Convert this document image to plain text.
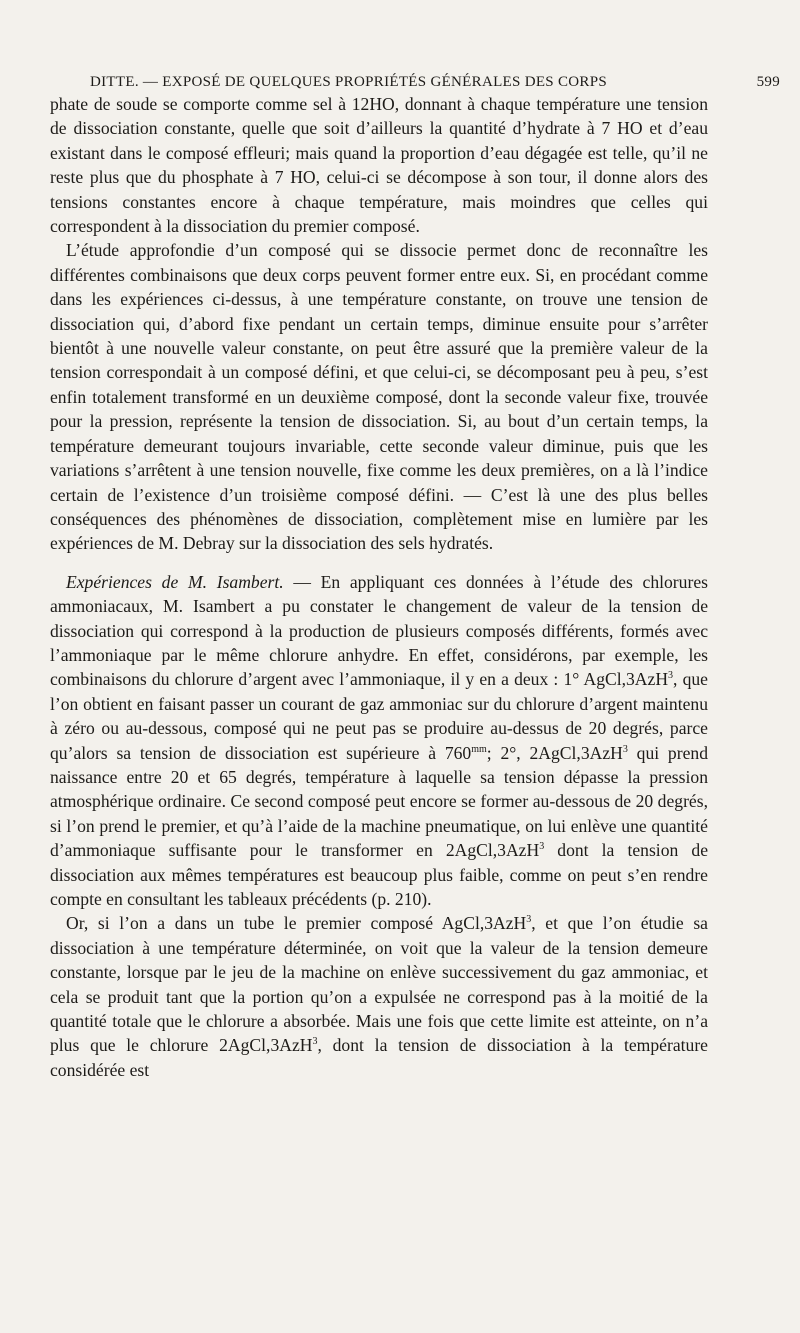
DITTE. — EXPOSÉ DE QUELQUES PROPRIÉTÉS GÉNÉRALES DES CORPS	599

phate de soude se comporte comme sel à 12HO, donnant à chaque température une tension de dissociation constante, quelle que soit d’ailleurs la quantité d’hydrate à 7 HO et d’eau existant dans le composé effleuri; mais quand la proportion d’eau dégagée est telle, qu’il ne reste plus que du phosphate à 7 HO, celui-ci se décompose à son tour, il donne alors des tensions constantes encore à chaque température, mais moindres que celles qui correspondent à la dissociation du premier composé.

L’étude approfondie d’un composé qui se dissocie permet donc de reconnaître les différentes combinaisons que deux corps peuvent former entre eux. Si, en procédant comme dans les expériences ci-dessus, à une température constante, on trouve une tension de dissociation qui, d’abord fixe pendant un certain temps, diminue ensuite pour s’arrêter bientôt à une nouvelle valeur constante, on peut être assuré que la première valeur de la tension correspondait à un composé défini, et que celui-ci, se décomposant peu à peu, s’est enfin totalement transformé en un deuxième composé, dont la seconde valeur fixe, trouvée pour la pression, représente la tension de dissociation. Si, au bout d’un certain temps, la température demeurant toujours invariable, cette seconde valeur diminue, puis que les variations s’arrêtent à une tension nouvelle, fixe comme les deux premières, on a là l’indice certain de l’existence d’un troisième composé défini. — C’est là une des plus belles conséquences des phénomènes de dissociation, complètement mise en lumière par les expériences de M. Debray sur la dissociation des sels hydratés.

Expériences de M. Isambert. — En appliquant ces données à l’étude des chlorures ammoniacaux, M. Isambert a pu constater le changement de valeur de la tension de dissociation qui correspond à la production de plusieurs composés différents, formés avec l’ammoniaque par le même chlorure anhydre. En effet, considérons, par exemple, les combinaisons du chlorure d’argent avec l’ammoniaque, il y en a deux : 1° AgCl,3AzH$^3$, que l’on obtient en faisant passer un courant de gaz ammoniac sur du chlorure d’argent maintenu à zéro ou au-dessous, composé qui ne peut pas se produire au-dessus de 20 degrés, parce qu’alors sa tension de dissociation est supérieure à $760^{mm}$; 2°, 2AgCl,3AzH$^3$ qui prend naissance entre 20 et 65 degrés, température à laquelle sa tension dépasse la pression atmosphérique ordinaire. Ce second composé peut encore se former au-dessous de 20 degrés, si l’on prend le premier, et qu’à l’aide de la machine pneumatique, on lui enlève une quantité d’ammoniaque suffisante pour le transformer en 2AgCl,3AzH$^3$ dont la tension de dissociation aux mêmes températures est beaucoup plus faible, comme on peut s’en rendre compte en consultant les tableaux précédents (p. 210).

Or, si l’on a dans un tube le premier composé AgCl,3AzH$^3$, et que l’on étudie sa dissociation à une température déterminée, on voit que la valeur de la tension demeure constante, lorsque par le jeu de la machine on enlève successivement du gaz ammoniac, et cela se produit tant que la portion qu’on a expulsée ne correspond pas à la moitié de la quantité totale que le chlorure a absorbée. Mais une fois que cette limite est atteinte, on n’a plus que le chlorure 2AgCl,3AzH$^3$, dont la tension de dissociation à la température considérée est
